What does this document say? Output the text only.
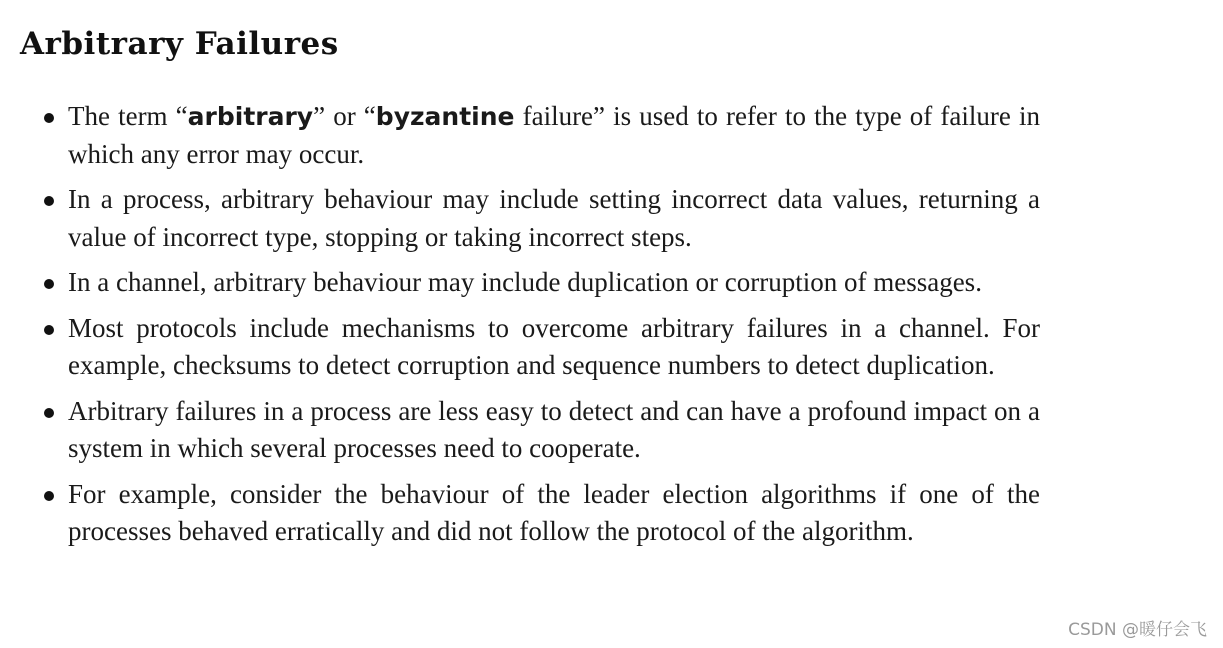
Arbitrary Failures
The term “arbitrary” or “byzantine failure” is used to refer to the type of failure in which any error may occur.
In a process, arbitrary behaviour may include setting incorrect data values, returning a value of incorrect type, stopping or taking incorrect steps.
In a channel, arbitrary behaviour may include duplication or corruption of messages.
Most protocols include mechanisms to overcome arbitrary failures in a channel. For example, checksums to detect corruption and sequence numbers to detect duplication.
Arbitrary failures in a process are less easy to detect and can have a profound impact on a system in which several processes need to cooperate.
For example, consider the behaviour of the leader election algorithms if one of the processes behaved erratically and did not follow the protocol of the algorithm.
CSDN @暖仔会飞
